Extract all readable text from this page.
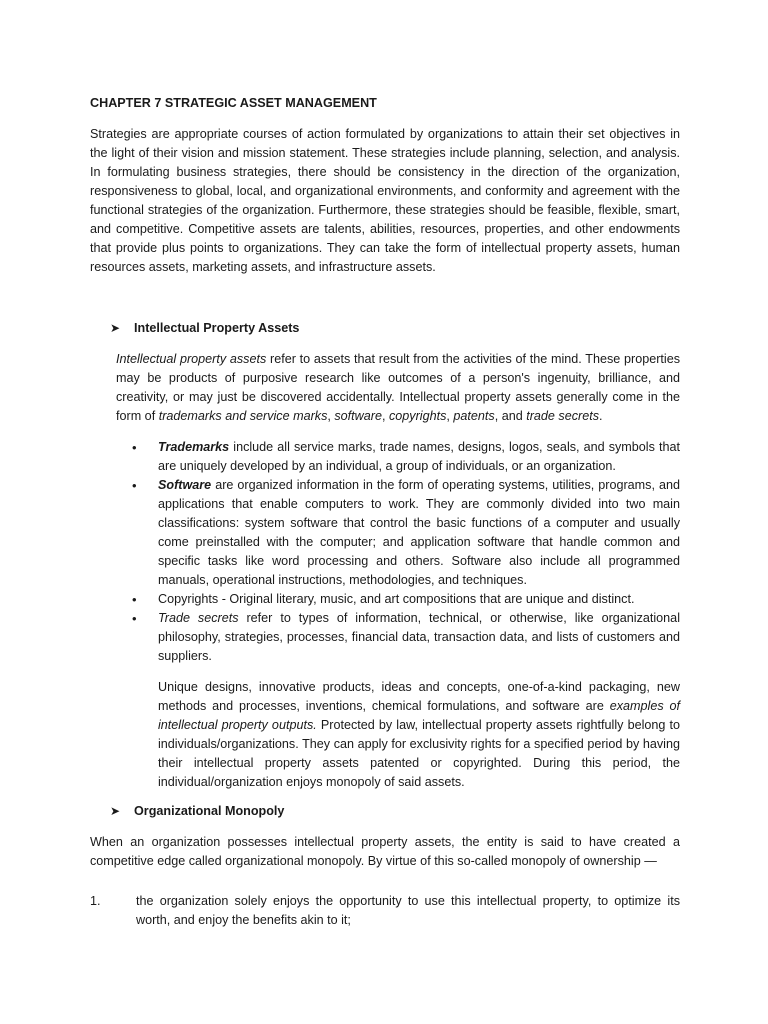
CHAPTER 7 STRATEGIC ASSET MANAGEMENT

Strategies are appropriate courses of action formulated by organizations to attain their set objectives in the light of their vision and mission statement. These strategies include planning, selection, and analysis. In formulating business strategies, there should be consistency in the direction of the organization, responsiveness to global, local, and organizational environments, and conformity and agreement with the functional strategies of the organization. Furthermore, these strategies should be feasible, flexible, smart, and competitive. Competitive assets are talents, abilities, resources, properties, and other endowments that provide plus points to organizations. They can take the form of intellectual property assets, human resources assets, marketing assets, and infrastructure assets.

➤	Intellectual Property Assets

Intellectual property assets refer to assets that result from the activities of the mind. These properties may be products of purposive research like outcomes of a person's ingenuity, brilliance, and creativity, or may just be discovered accidentally. Intellectual property assets generally come in the form of trademarks and service marks, software, copyrights, patents, and trade secrets.

• Trademarks include all service marks, trade names, designs, logos, seals, and symbols that are uniquely developed by an individual, a group of individuals, or an organization.
• Software are organized information in the form of operating systems, utilities, programs, and applications that enable computers to work. They are commonly divided into two main classifications: system software that control the basic functions of a computer and usually come preinstalled with the computer; and application software that handle common and specific tasks like word processing and others. Software also include all programmed manuals, operational instructions, methodologies, and techniques.
• Copyrights - Original literary, music, and art compositions that are unique and distinct.
• Trade secrets refer to types of information, technical, or otherwise, like organizational philosophy, strategies, processes, financial data, transaction data, and lists of customers and suppliers.

Unique designs, innovative products, ideas and concepts, one-of-a-kind packaging, new methods and processes, inventions, chemical formulations, and software are examples of intellectual property outputs. Protected by law, intellectual property assets rightfully belong to individuals/organizations. They can apply for exclusivity rights for a specified period by having their intellectual property assets patented or copyrighted. During this period, the individual/organization enjoys monopoly of said assets.

➤	Organizational Monopoly

When an organization possesses intellectual property assets, the entity is said to have created a competitive edge called organizational monopoly. By virtue of this so-called monopoly of ownership —

1.	the organization solely enjoys the opportunity to use this intellectual property, to optimize its worth, and enjoy the benefits akin to it;
